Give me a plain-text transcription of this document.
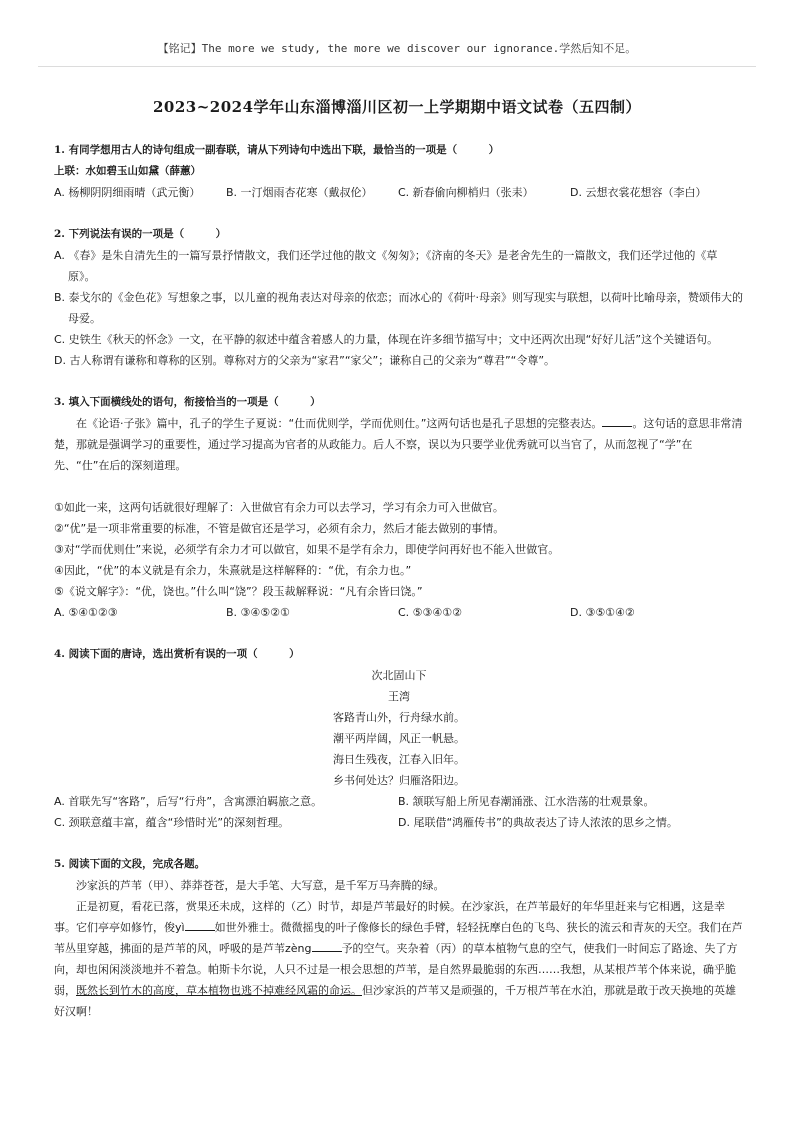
【铭记】The more we study, the more we discover our ignorance.学然后知不足。
2023~2024学年山东淄博淄川区初一上学期期中语文试卷（五四制）
1. 有同学想用古人的诗句组成一副春联，请从下列诗句中选出下联，最恰当的一项是（　　　）
上联：水如碧玉山如黛（薛蕙）
A. 杨柳阴阴细雨晴（武元衡）	B. 一汀烟雨杏花寒（戴叔伦）	C. 新春偷向柳梢归（张耒）	D. 云想衣裳花想容（李白）
2. 下列说法有误的一项是（　　　）
A. 《春》是朱自清先生的一篇写景抒情散文，我们还学过他的散文《匆匆》；《济南的冬天》是老舍先生的一篇散文，我们还学过他的《草原》。
B. 泰戈尔的《金色花》写想象之事，以儿童的视角表达对母亲的依恋；而冰心的《荷叶·母亲》则写现实与联想，以荷叶比喻母亲，赞颂伟大的母爱。
C. 史铁生《秋天的怀念》一文，在平静的叙述中蕴含着感人的力量，体现在许多细节描写中；文中还两次出现“好好儿活”这个关键语句。
D. 古人称谓有谦称和尊称的区别。尊称对方的父亲为“家君”“家父”；谦称自己的父亲为“尊君”“令尊”。
3. 填入下面横线处的语句，衔接恰当的一项是（　　　）
在《论语·子张》篇中，孔子的学生子夏说：“仕而优则学，学而优则仕。”这两句话也是孔子思想的完整表达。	。这句话的意思非常清楚，那就是强调学习的重要性，通过学习提高为官者的从政能力。后人不察，误以为只要学业优秀就可以当官了，从而忽视了“学”在先、“仕”在后的深刻道理。
①如此一来，这两句话就很好理解了：入世做官有余力可以去学习，学习有余力可入世做官。
②“优”是一项非常重要的标准，不管是做官还是学习，必须有余力，然后才能去做别的事情。
③对“学而优则仕”来说，必须学有余力才可以做官，如果不是学有余力，即使学问再好也不能入世做官。
④因此，“优”的本义就是有余力，朱熹就是这样解释的：“优，有余力也。”
⑤《说文解字》：“优，饶也。”什么叫“饶”？段玉裁解释说：“凡有余皆曰饶。”
A. ⑤④①②③	B. ③④⑤②①	C. ⑤③④①②	D. ③⑤①④②
4. 阅读下面的唐诗，选出赏析有误的一项（　　　）
次北固山下
王湾
客路青山外，行舟绿水前。
潮平两岸阔，风正一帆悬。
海日生残夜，江春入旧年。
乡书何处达？归雁洛阳边。
A. 首联先写“客路”，后写“行舟”，含寓漂泊羁旅之意。	B. 颔联写船上所见春潮涌涨、江水浩荡的壮观景象。
C. 颈联意蕴丰富，蕴含“珍惜时光”的深刻哲理。	D. 尾联借“鸿雁传书”的典故表达了诗人浓浓的思乡之情。
5. 阅读下面的文段，完成各题。
沙家浜的芦苇（甲）、莽莽苍苍，是大手笔、大写意，是千军万马奔腾的绿。
正是初夏，看花已落，赏果还未成，这样的（乙）时节，却是芦苇最好的时候。在沙家浜，在芦苇最好的年华里赶来与它相遇，这是幸事。它们亭亭如修竹，俊yì	如世外雅士。微微摇曳的叶子像修长的绿色手臂，轻轻抚摩白色的飞鸟、狭长的流云和青灰的天空。我们在芦苇丛里穿越，拂面的是芦苇的风，呼吸的是芦苇zèng	予的空气。夹杂着（丙）的草本植物气息的空气，使我们一时间忘了路途、失了方向，却也闲闲淡淡地并不着急。帕斯卡尔说，人只不过是一根会思想的芦苇，是自然界最脆弱的东西……我想，从某根芦苇个体来说，确乎脆弱，既然长到竹木的高度，草本植物也逃不掉难经风霜的命运。但沙家浜的芦苇又是顽强的，千万根芦苇在水泊，那就是敢于改天换地的英雄好汉啊！
